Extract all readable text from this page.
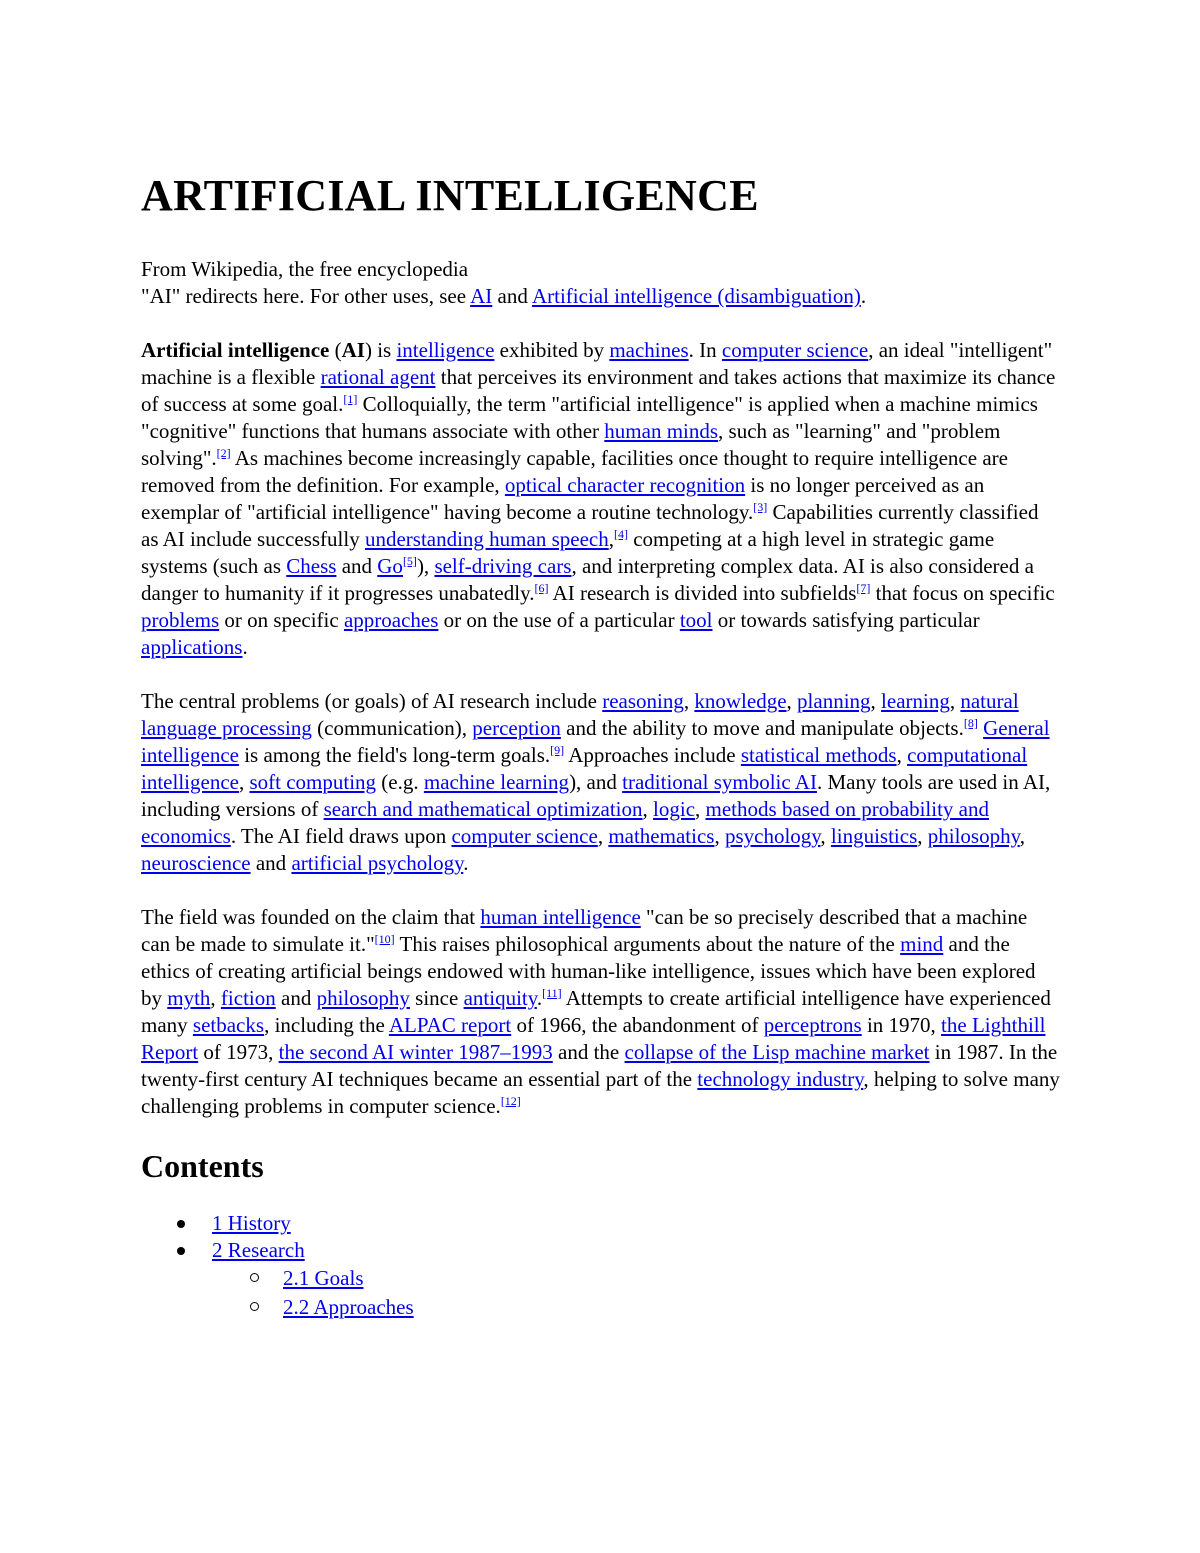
ARTIFICIAL INTELLIGENCE

From Wikipedia, the free encyclopedia

"AI" redirects here. For other uses, see AI and Artificial intelligence (disambiguation).

Artificial intelligence (AI) is intelligence exhibited by machines. In computer science, an ideal "intelligent" machine is a flexible rational agent that perceives its environment and takes actions that maximize its chance of success at some goal.[1] Colloquially, the term "artificial intelligence" is applied when a machine mimics "cognitive" functions that humans associate with other human minds, such as "learning" and "problem solving".[2] As machines become increasingly capable, facilities once thought to require intelligence are removed from the definition. For example, optical character recognition is no longer perceived as an exemplar of "artificial intelligence" having become a routine technology.[3] Capabilities currently classified as AI include successfully understanding human speech,[4] competing at a high level in strategic game systems (such as Chess and Go[5]), self-driving cars, and interpreting complex data. AI is also considered a danger to humanity if it progresses unabatedly.[6] AI research is divided into subfields[7] that focus on specific problems or on specific approaches or on the use of a particular tool or towards satisfying particular applications.

The central problems (or goals) of AI research include reasoning, knowledge, planning, learning, natural language processing (communication), perception and the ability to move and manipulate objects.[8] General intelligence is among the field's long-term goals.[9] Approaches include statistical methods, computational intelligence, soft computing (e.g. machine learning), and traditional symbolic AI. Many tools are used in AI, including versions of search and mathematical optimization, logic, methods based on probability and economics. The AI field draws upon computer science, mathematics, psychology, linguistics, philosophy, neuroscience and artificial psychology.

The field was founded on the claim that human intelligence "can be so precisely described that a machine can be made to simulate it."[10] This raises philosophical arguments about the nature of the mind and the ethics of creating artificial beings endowed with human-like intelligence, issues which have been explored by myth, fiction and philosophy since antiquity.[11] Attempts to create artificial intelligence have experienced many setbacks, including the ALPAC report of 1966, the abandonment of perceptrons in 1970, the Lighthill Report of 1973, the second AI winter 1987–1993 and the collapse of the Lisp machine market in 1987. In the twenty-first century AI techniques became an essential part of the technology industry, helping to solve many challenging problems in computer science.[12]

Contents
1 History
2 Research
2.1 Goals
2.2 Approaches
